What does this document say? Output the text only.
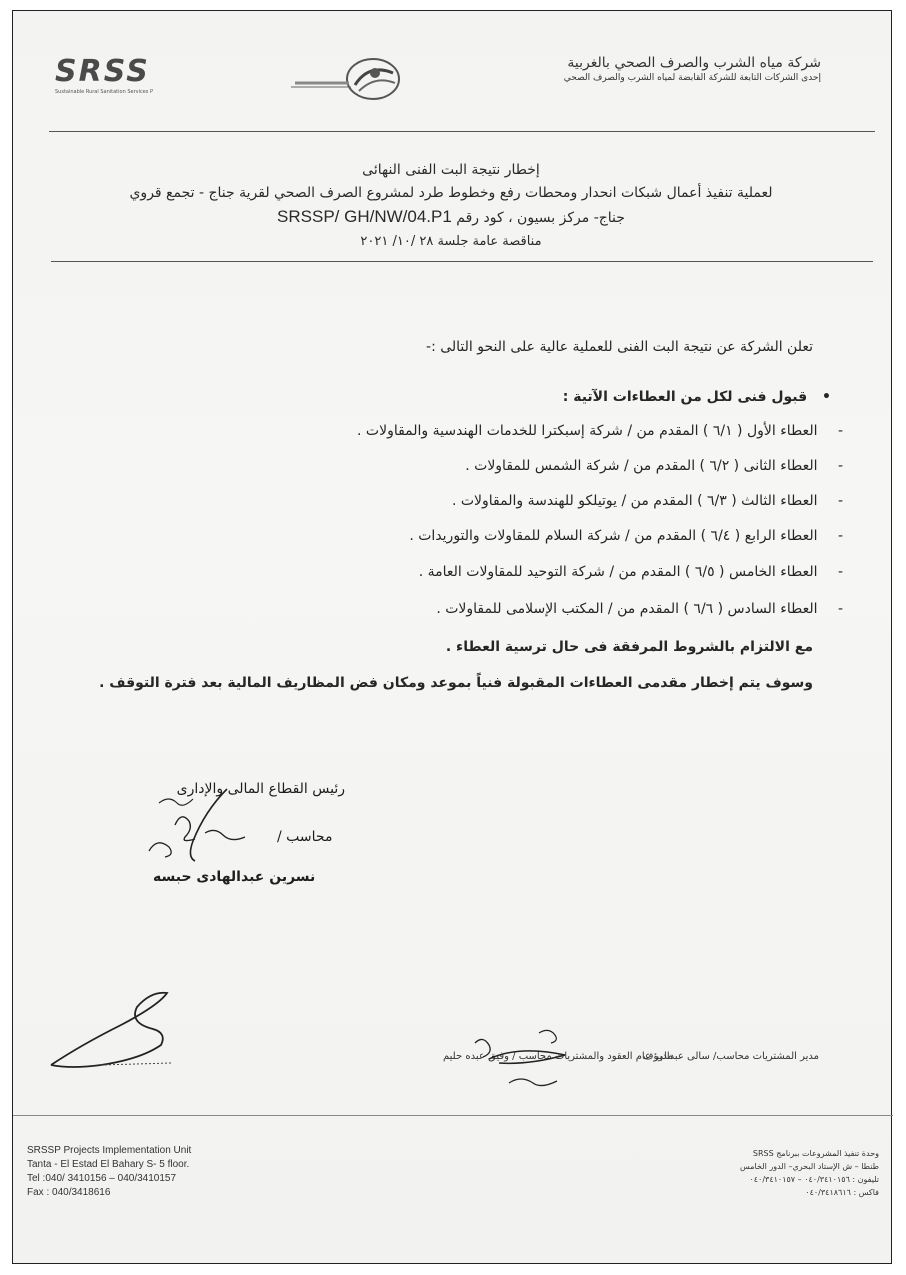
SRSS
Sustainable Rural Sanitation Services P
شركة مياه الشرب والصرف الصحي بالغربية
إحدى الشركات التابعة للشركة القابضة لمياه الشرب والصرف الصحي
إخطار نتيجة البت الفنى النهائى
لعملية تنفيذ أعمال شبكات انحدار ومحطات رفع وخطوط طرد لمشروع الصرف الصحي لقرية جناج - تجمع قروي
جناج- مركز بسيون ، كود رقم SRSSP/ GH/NW/04.P1
مناقصة عامة جلسة ٢٨ /١٠/ ٢٠٢١
تعلن الشركة عن نتيجة البت الفنى للعملية عالية على النحو التالى :-
• قبول فنى لكل من العطاءات الآتية :
- العطاء الأول ( ٦/١ ) المقدم من / شركة إسبكترا للخدمات الهندسية والمقاولات .
- العطاء الثانى ( ٦/٢ ) المقدم من / شركة الشمس للمقاولات .
- العطاء الثالث ( ٦/٣ ) المقدم من / يوتيلكو للهندسة والمقاولات .
- العطاء الرابع ( ٦/٤ ) المقدم من / شركة السلام للمقاولات والتوريدات .
- العطاء الخامس ( ٦/٥ ) المقدم من / شركة التوحيد للمقاولات العامة .
- العطاء السادس ( ٦/٦ ) المقدم من / المكتب الإسلامى للمقاولات .
مع الالتزام بالشروط المرفقة فى حال ترسية العطاء .
وسوف يتم إخطار مقدمى العطاءات المقبولة فنياً بموعد ومكان فض المظاريف المالية بعد فترة التوقف .
رئيس القطاع المالى والإدارى
محاسب /
نسرين عبدالهادى حبسه
مدير المشتريات محاسب/ سالى عبدالرؤف
مدير عام العقود والمشتريات محاسب / وفيق عبده حليم
SRSSP Projects Implementation Unit
Tanta - El Estad El Bahary S- 5 floor.
Tel :040/ 3410156 – 040/3410157
Fax : 040/3418616
وحدة تنفيذ المشروعات ببرنامج SRSS
طنطا – ش الإستاد البحري– الدور الخامس
تليفون : ٠٤٠/٣٤١٠١٥٦ – ٠٤٠/٣٤١٠١٥٧
فاكس : ٠٤٠/٣٤١٨٦١٦
